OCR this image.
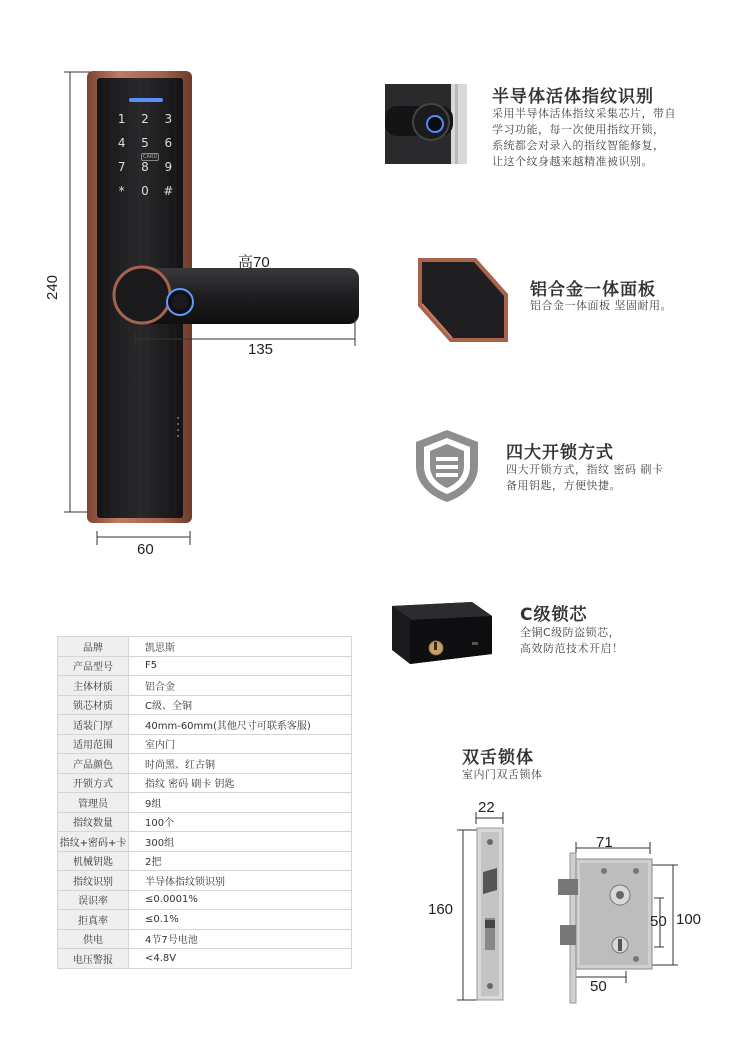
1	2	3
4	5	6
7	8	9
*	0	#
CARD
240
60
高70
135
半导体活体指纹识别
采用半导体活体指纹采集芯片，带自
学习功能，每一次使用指纹开锁，
系统都会对录入的指纹智能修复，
让这个纹身越来越精准被识别。
铝合金一体面板
铝合金一体面板 坚固耐用。
四大开锁方式
四大开锁方式，指纹 密码 刷卡
备用钥匙，方便快捷。
C级锁芯
全铜C级防盗锁芯，
高效防范技术开启！
品牌	凯思斯
产品型号	F5
主体材质	铝合金
锁芯材质	C级、全铜
适装门厚	40mm-60mm(其他尺寸可联系客服)
适用范围	室内门
产品颜色	时尚黑、红古铜
开锁方式	指纹 密码 刷卡 钥匙
管理员	9组
指纹数量	100个
指纹+密码+卡	300组
机械钥匙	2把
指纹识别	半导体指纹锁识别
误识率	≤0.0001%
拒真率	≤0.1%
供电	4节7号电池
电压警报	<4.8V
双舌锁体
室内门双舌锁体
22
160
71
50 100
50
